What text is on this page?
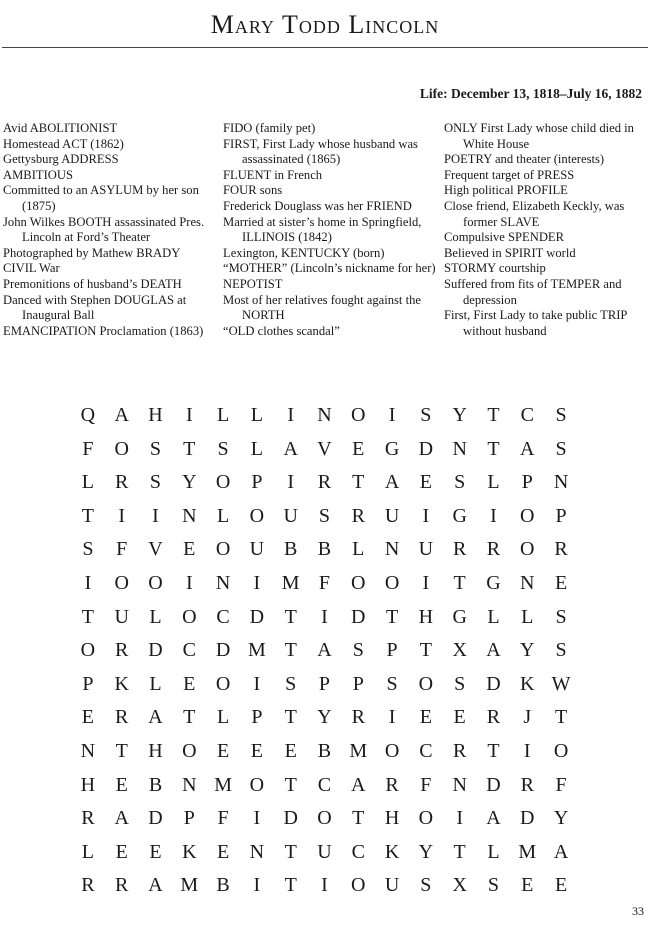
Mary Todd Lincoln
Life: December 13, 1818–July 16, 1882

Avid ABOLITIONIST

Homestead ACT (1862)

Gettysburg ADDRESS

AMBITIOUS

Committed to an ASYLUM by her son (1875)

John Wilkes BOOTH assassinated Pres. Lincoln at Ford’s Theater

Photographed by Mathew BRADY

CIVIL War

Premonitions of husband’s DEATH

Danced with Stephen DOUGLAS at Inaugural Ball

EMANCIPATION Proclamation (1863)

FIDO (family pet)

FIRST, First Lady whose husband was assassinated (1865)

FLUENT in French

FOUR sons

Frederick Douglass was her FRIEND

Married at sister’s home in Springfield, ILLINOIS (1842)

Lexington, KENTUCKY (born)

“MOTHER” (Lincoln’s nickname for her)

NEPOTIST

Most of her relatives fought against the NORTH

“OLD clothes scandal”

ONLY First Lady whose child died in White House

POETRY and theater (interests)

Frequent target of PRESS

High political PROFILE

Close friend, Elizabeth Keckly, was former SLAVE

Compulsive SPENDER

Believed in SPIRIT world

STORMY courtship

Suffered from fits of TEMPER and depression

First, First Lady to take public TRIP without husband

Q A H	I	L	L	I	N O	I	S	Y	T	C	S
F	O	S	T	S	L	A V	E	G D N	T	A	S
L	R	S	Y O	P	I	R	T	A	E	S	L	P	N
T	I	I	N	L	O U	S	R U	I	G	I	O	P
S	F	V	E	O U B	B	L	N U R	R O R
I	O O	I	N	I	M F	O O	I	T	G N	E
T	U	L	O C D	T	I	D	T	H G	L	L	S
O R D C D M T	A	S	P	T	X A Y	S
P	K	L	E	O	I	S	P	P	S	O	S	D K W
E	R A	T	L	P	T	Y R	I	E	E	R	J	T
N	T	H O	E	E	E	B M O C	R	T	I	O
H	E	B N M O	T	C A R	F	N D R	F
R A D	P	F	I	D O	T	H O	I	A D Y
L	E	E	K	E	N	T	U C K Y	T	L M A
R	R A M B	I	T	I	O U	S	X	S	E	E
33
